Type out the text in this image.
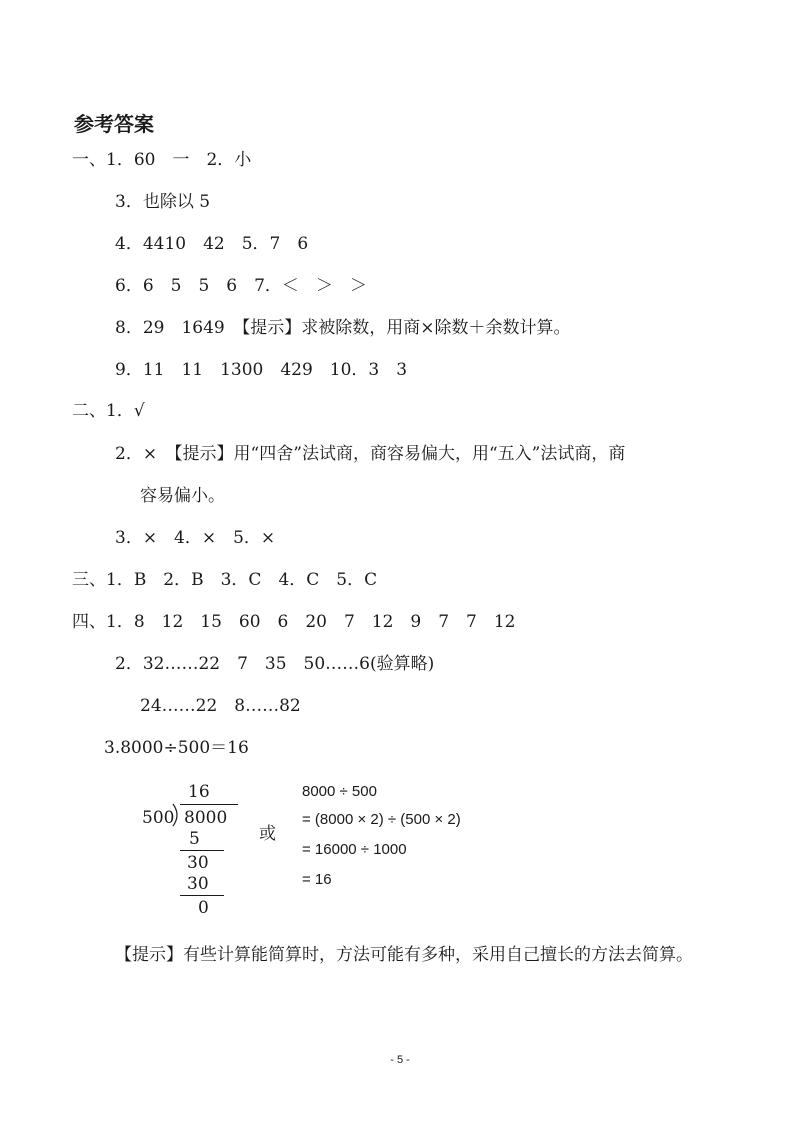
参考答案
一、1．60　一　2．小
3．也除以 5
4．4410　42　5．7　6
6．6　5　5　6　7．＜　＞　＞
8．29　1649　【提示】求被除数，用商×除数＋余数计算。
9．11　11　1300　429　10．3　3
二、1．√
2．×　【提示】用“四舍”法试商，商容易偏大，用“五入”法试商，商
容易偏小。
3．×　4．×　5．×
三、1．B　2．B　3．C　4．C　5．C
四、1．8　12　15　60　6　20　7　12　9　7　7　12
2．32……22　7　35　50……6(验算略)
24……22　8……82
3.8000÷500＝16
16
500 8000
5
30
30
0
或
8000 ÷ 500
= (8000 × 2) ÷ (500 × 2)
= 16000 ÷ 1000
= 16
【提示】有些计算能简算时，方法可能有多种，采用自己擅长的方法去简算。
- 5 -
